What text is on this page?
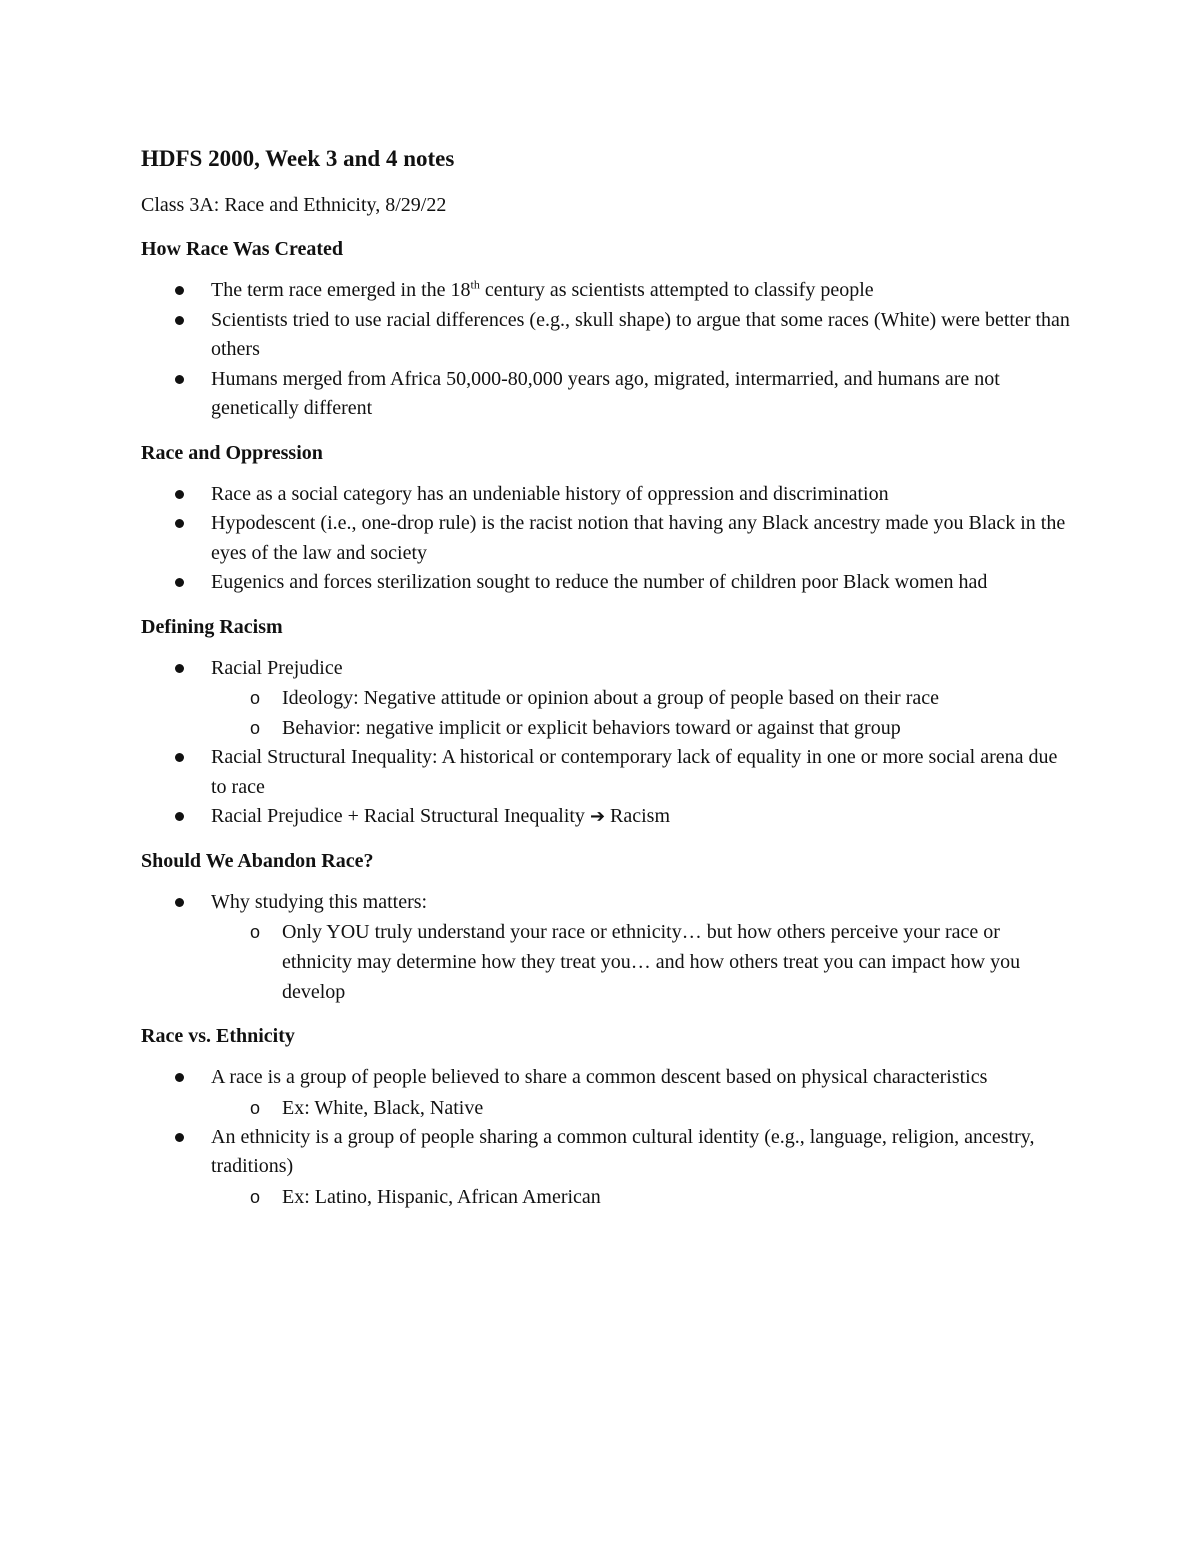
HDFS 2000, Week 3 and 4 notes

Class 3A: Race and Ethnicity, 8/29/22

How Race Was Created

The term race emerged in the 18th century as scientists attempted to classify people
Scientists tried to use racial differences (e.g., skull shape) to argue that some races (White) were better than others
Humans merged from Africa 50,000-80,000 years ago, migrated, intermarried, and humans are not genetically different

Race and Oppression

Race as a social category has an undeniable history of oppression and discrimination
Hypodescent (i.e., one-drop rule) is the racist notion that having any Black ancestry made you Black in the eyes of the law and society
Eugenics and forces sterilization sought to reduce the number of children poor Black women had

Defining Racism

Racial Prejudice
o Ideology: Negative attitude or opinion about a group of people based on their race
o Behavior: negative implicit or explicit behaviors toward or against that group
Racial Structural Inequality: A historical or contemporary lack of equality in one or more social arena due to race
Racial Prejudice + Racial Structural Inequality ➔ Racism

Should We Abandon Race?

Why studying this matters:
o Only YOU truly understand your race or ethnicity… but how others perceive your race or ethnicity may determine how they treat you… and how others treat you can impact how you develop

Race vs. Ethnicity

A race is a group of people believed to share a common descent based on physical characteristics
o Ex: White, Black, Native
An ethnicity is a group of people sharing a common cultural identity (e.g., language, religion, ancestry, traditions)
o Ex: Latino, Hispanic, African American
